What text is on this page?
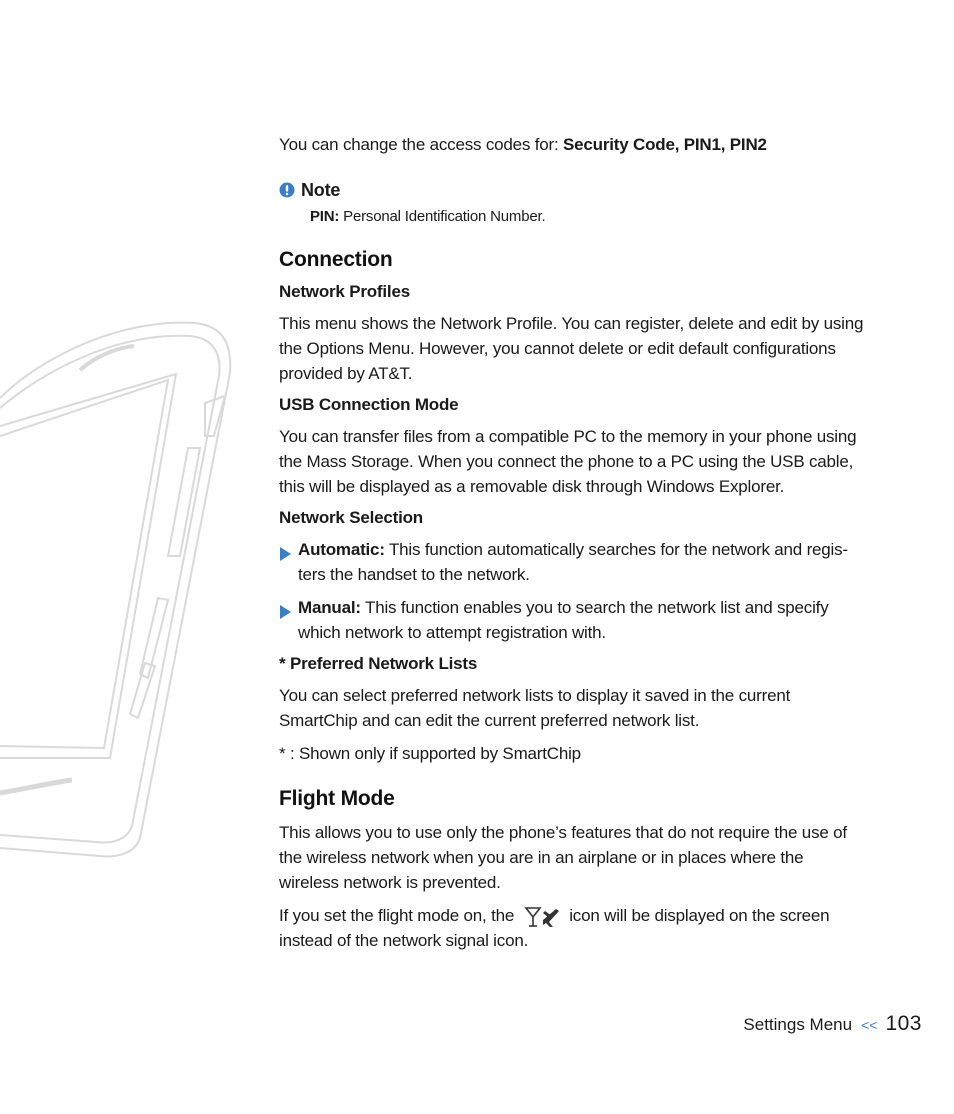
You can change the access codes for: Security Code, PIN1, PIN2

Note

PIN: Personal Identification Number.

Connection
Network Profiles

This menu shows the Network Profile. You can register, delete and edit by using the Options Menu. However, you cannot delete or edit default configurations provided by AT&T.

USB Connection Mode

You can transfer files from a compatible PC to the memory in your phone using the Mass Storage. When you connect the phone to a PC using the USB cable, this will be displayed as a removable disk through Windows Explorer.

Network Selection
Automatic: This function automatically searches for the network and regis-ters the handset to the network.
Manual: This function enables you to search the network list and specify which network to attempt registration with.
* Preferred Network Lists

You can select preferred network lists to display it saved in the current SmartChip and can edit the current preferred network list.

* : Shown only if supported by SmartChip

Flight Mode

This allows you to use only the phone’s features that do not require the use of the wireless network when you are in an airplane or in places where the wireless network is prevented.

If you set the flight mode on, the	icon will be displayed on the screen instead of the network signal icon.

Settings Menu << 103
